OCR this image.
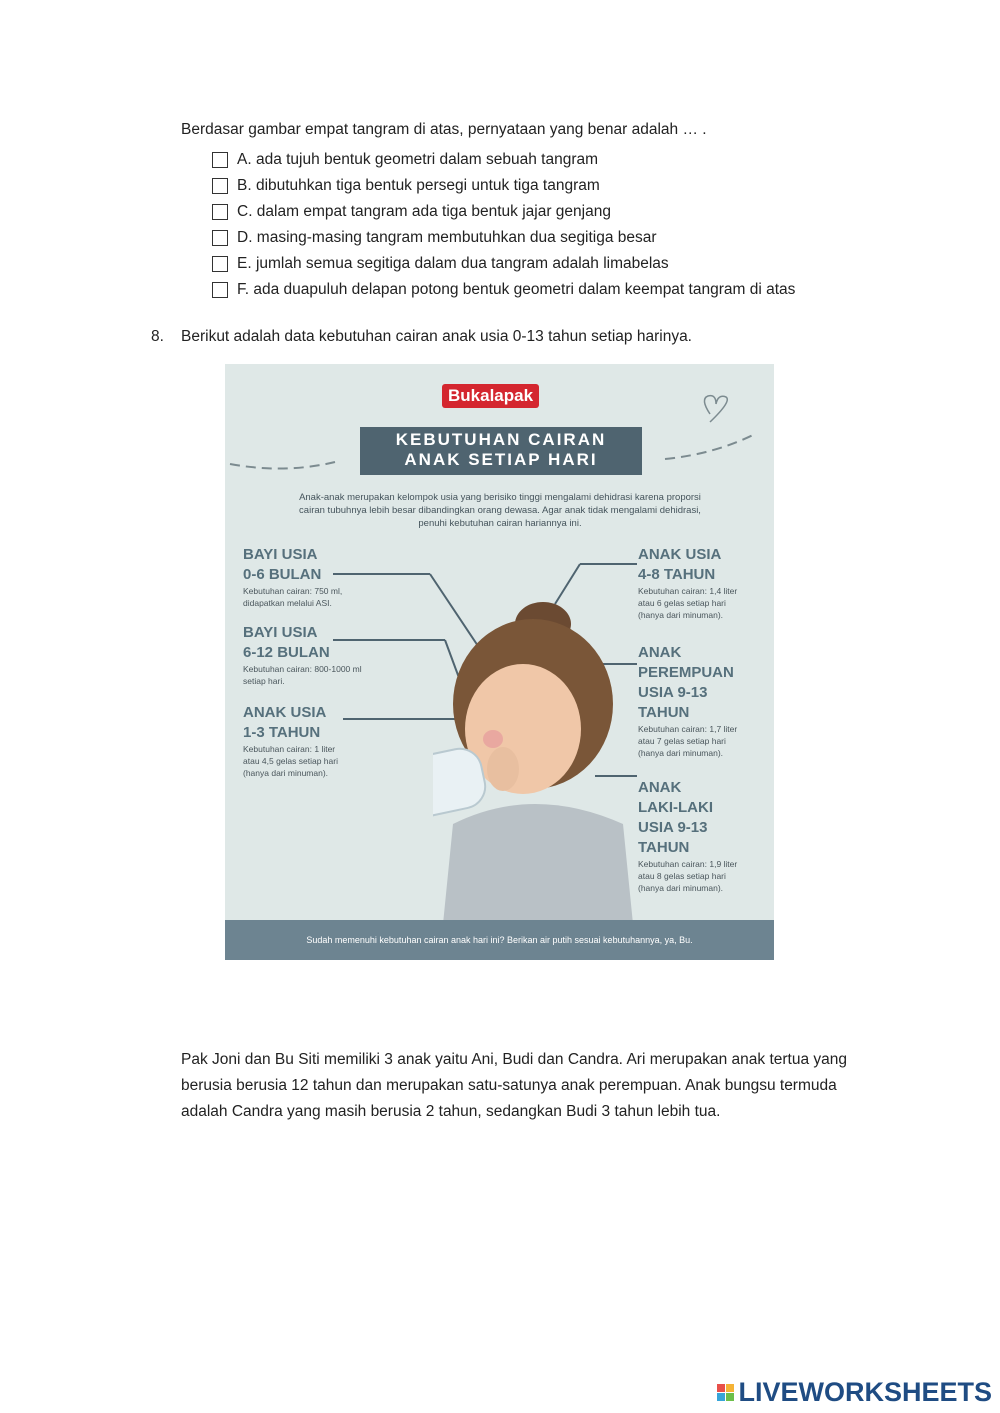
Berdasar gambar empat tangram di atas, pernyataan yang benar adalah … .
A. ada tujuh bentuk geometri dalam sebuah tangram
B. dibutuhkan tiga bentuk persegi untuk tiga tangram
C. dalam empat tangram ada tiga bentuk jajar genjang
D. masing-masing tangram membutuhkan dua segitiga besar
E. jumlah semua segitiga dalam dua tangram adalah limabelas
F. ada duapuluh delapan potong bentuk geometri dalam keempat tangram di atas
8.	Berikut adalah data kebutuhan cairan anak usia 0-13 tahun setiap harinya.
Bukalapak
KEBUTUHAN CAIRAN
ANAK SETIAP HARI
Anak-anak merupakan kelompok usia yang berisiko tinggi mengalami dehidrasi karena proporsi cairan tubuhnya lebih besar dibandingkan orang dewasa. Agar anak tidak mengalami dehidrasi, penuhi kebutuhan cairan hariannya ini.
BAYI USIA
0-6 BULAN
Kebutuhan cairan: 750 ml,
didapatkan melalui ASI.
BAYI USIA
6-12 BULAN
Kebutuhan cairan: 800-1000 ml
setiap hari.
ANAK USIA
1-3 TAHUN
Kebutuhan cairan: 1 liter
atau 4,5 gelas setiap hari
(hanya dari minuman).
ANAK USIA
4-8 TAHUN
Kebutuhan cairan: 1,4 liter
atau 6 gelas setiap hari
(hanya dari minuman).
ANAK
PEREMPUAN
USIA 9-13
TAHUN
Kebutuhan cairan: 1,7 liter
atau 7 gelas setiap hari
(hanya dari minuman).
ANAK
LAKI-LAKI
USIA 9-13
TAHUN
Kebutuhan cairan: 1,9 liter
atau 8 gelas setiap hari
(hanya dari minuman).
Sudah memenuhi kebutuhan cairan anak hari ini? Berikan air putih sesuai kebutuhannya, ya, Bu.
Pak Joni dan Bu Siti memiliki 3 anak yaitu Ani, Budi dan Candra. Ari merupakan anak tertua yang berusia berusia 12 tahun dan merupakan satu-satunya anak perempuan. Anak bungsu termuda adalah Candra yang masih berusia 2 tahun, sedangkan Budi 3 tahun lebih tua.
LIVEWORKSHEETS
